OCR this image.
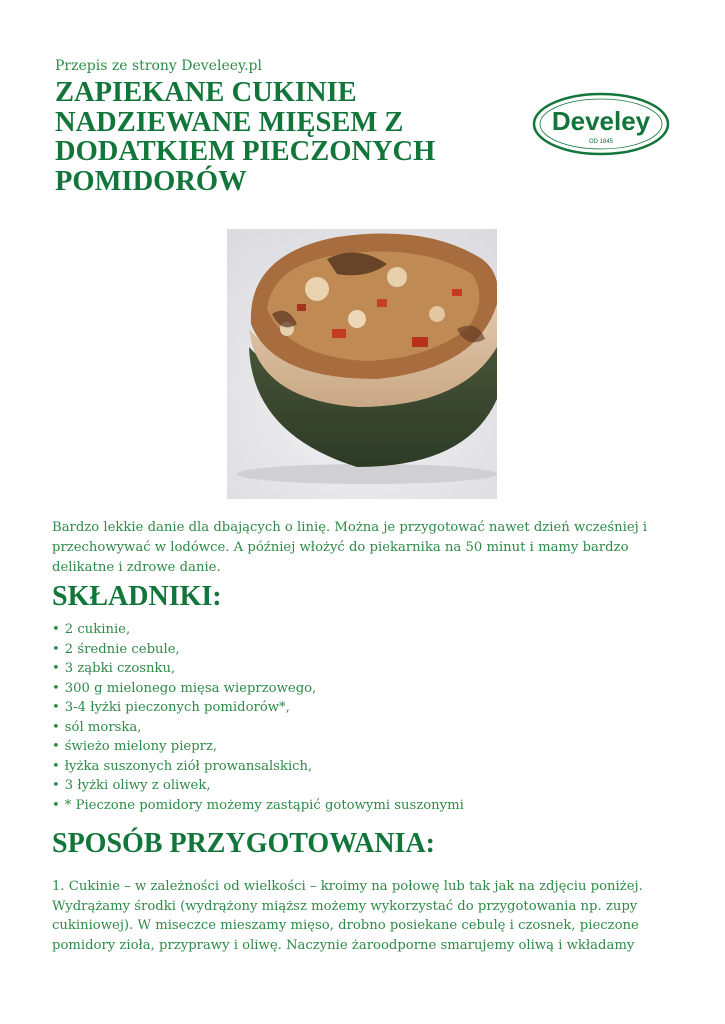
Przepis ze strony Develeey.pl
ZAPIEKANE CUKINIE NADZIEWANE MIĘSEM Z DODATKIEM PIECZONYCH POMIDORÓW
Develey
OD 1845

Bardzo lekkie danie dla dbających o linię. Można je przygotować nawet dzień wcześniej i przechowywać w lodówce. A później włożyć do piekarnika na 50 minut i mamy bardzo delikatne i zdrowe danie.

SKŁADNIKI:
• 2 cukinie,
• 2 średnie cebule,
• 3 ząbki czosnku,
• 300 g mielonego mięsa wieprzowego,
• 3-4 łyżki pieczonych pomidorów*,
• sól morska,
• świeżo mielony pieprz,
• łyżka suszonych ziół prowansalskich,
• 3 łyżki oliwy z oliwek,
• * Pieczone pomidory możemy zastąpić gotowymi suszonymi
SPOSÓB PRZYGOTOWANIA:

1. Cukinie – w zależności od wielkości – kroimy na połowę lub tak jak na zdjęciu poniżej. Wydrążamy środki (wydrążony miąższ możemy wykorzystać do przygotowania np. zupy cukiniowej). W miseczce mieszamy mięso, drobno posiekane cebulę i czosnek, pieczone pomidory zioła, przyprawy i oliwę. Naczynie żaroodporne smarujemy oliwą i wkładamy
